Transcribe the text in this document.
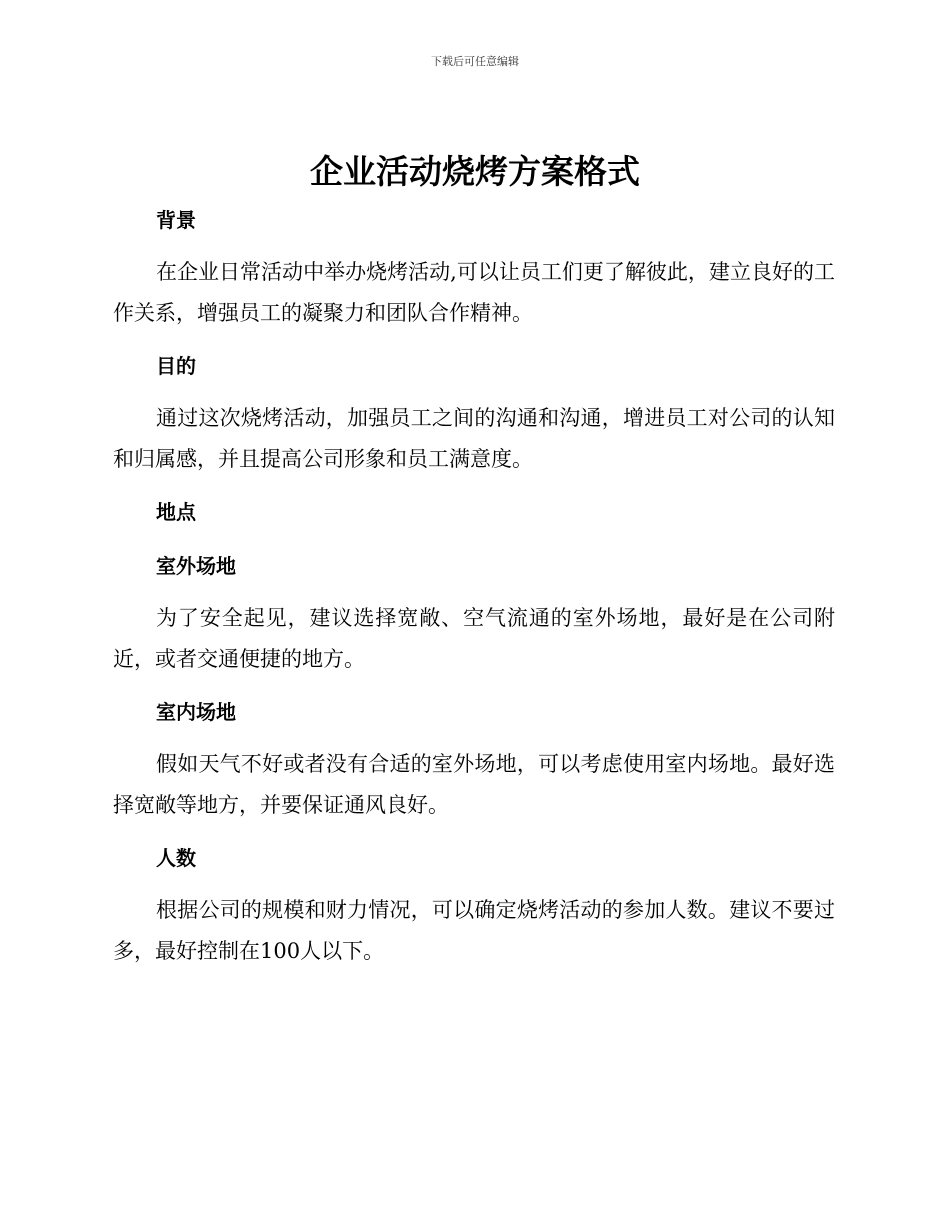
下载后可任意编辑
企业活动烧烤方案格式
背景

在企业日常活动中举办烧烤活动,可以让员工们更了解彼此，建立良好的工作关系，增强员工的凝聚力和团队合作精神。

目的

通过这次烧烤活动，加强员工之间的沟通和沟通，增进员工对公司的认知和归属感，并且提高公司形象和员工满意度。

地点
室外场地

为了安全起见，建议选择宽敞、空气流通的室外场地，最好是在公司附近，或者交通便捷的地方。

室内场地

假如天气不好或者没有合适的室外场地，可以考虑使用室内场地。最好选择宽敞等地方，并要保证通风良好。

人数

根据公司的规模和财力情况，可以确定烧烤活动的参加人数。建议不要过多，最好控制在100人以下。
